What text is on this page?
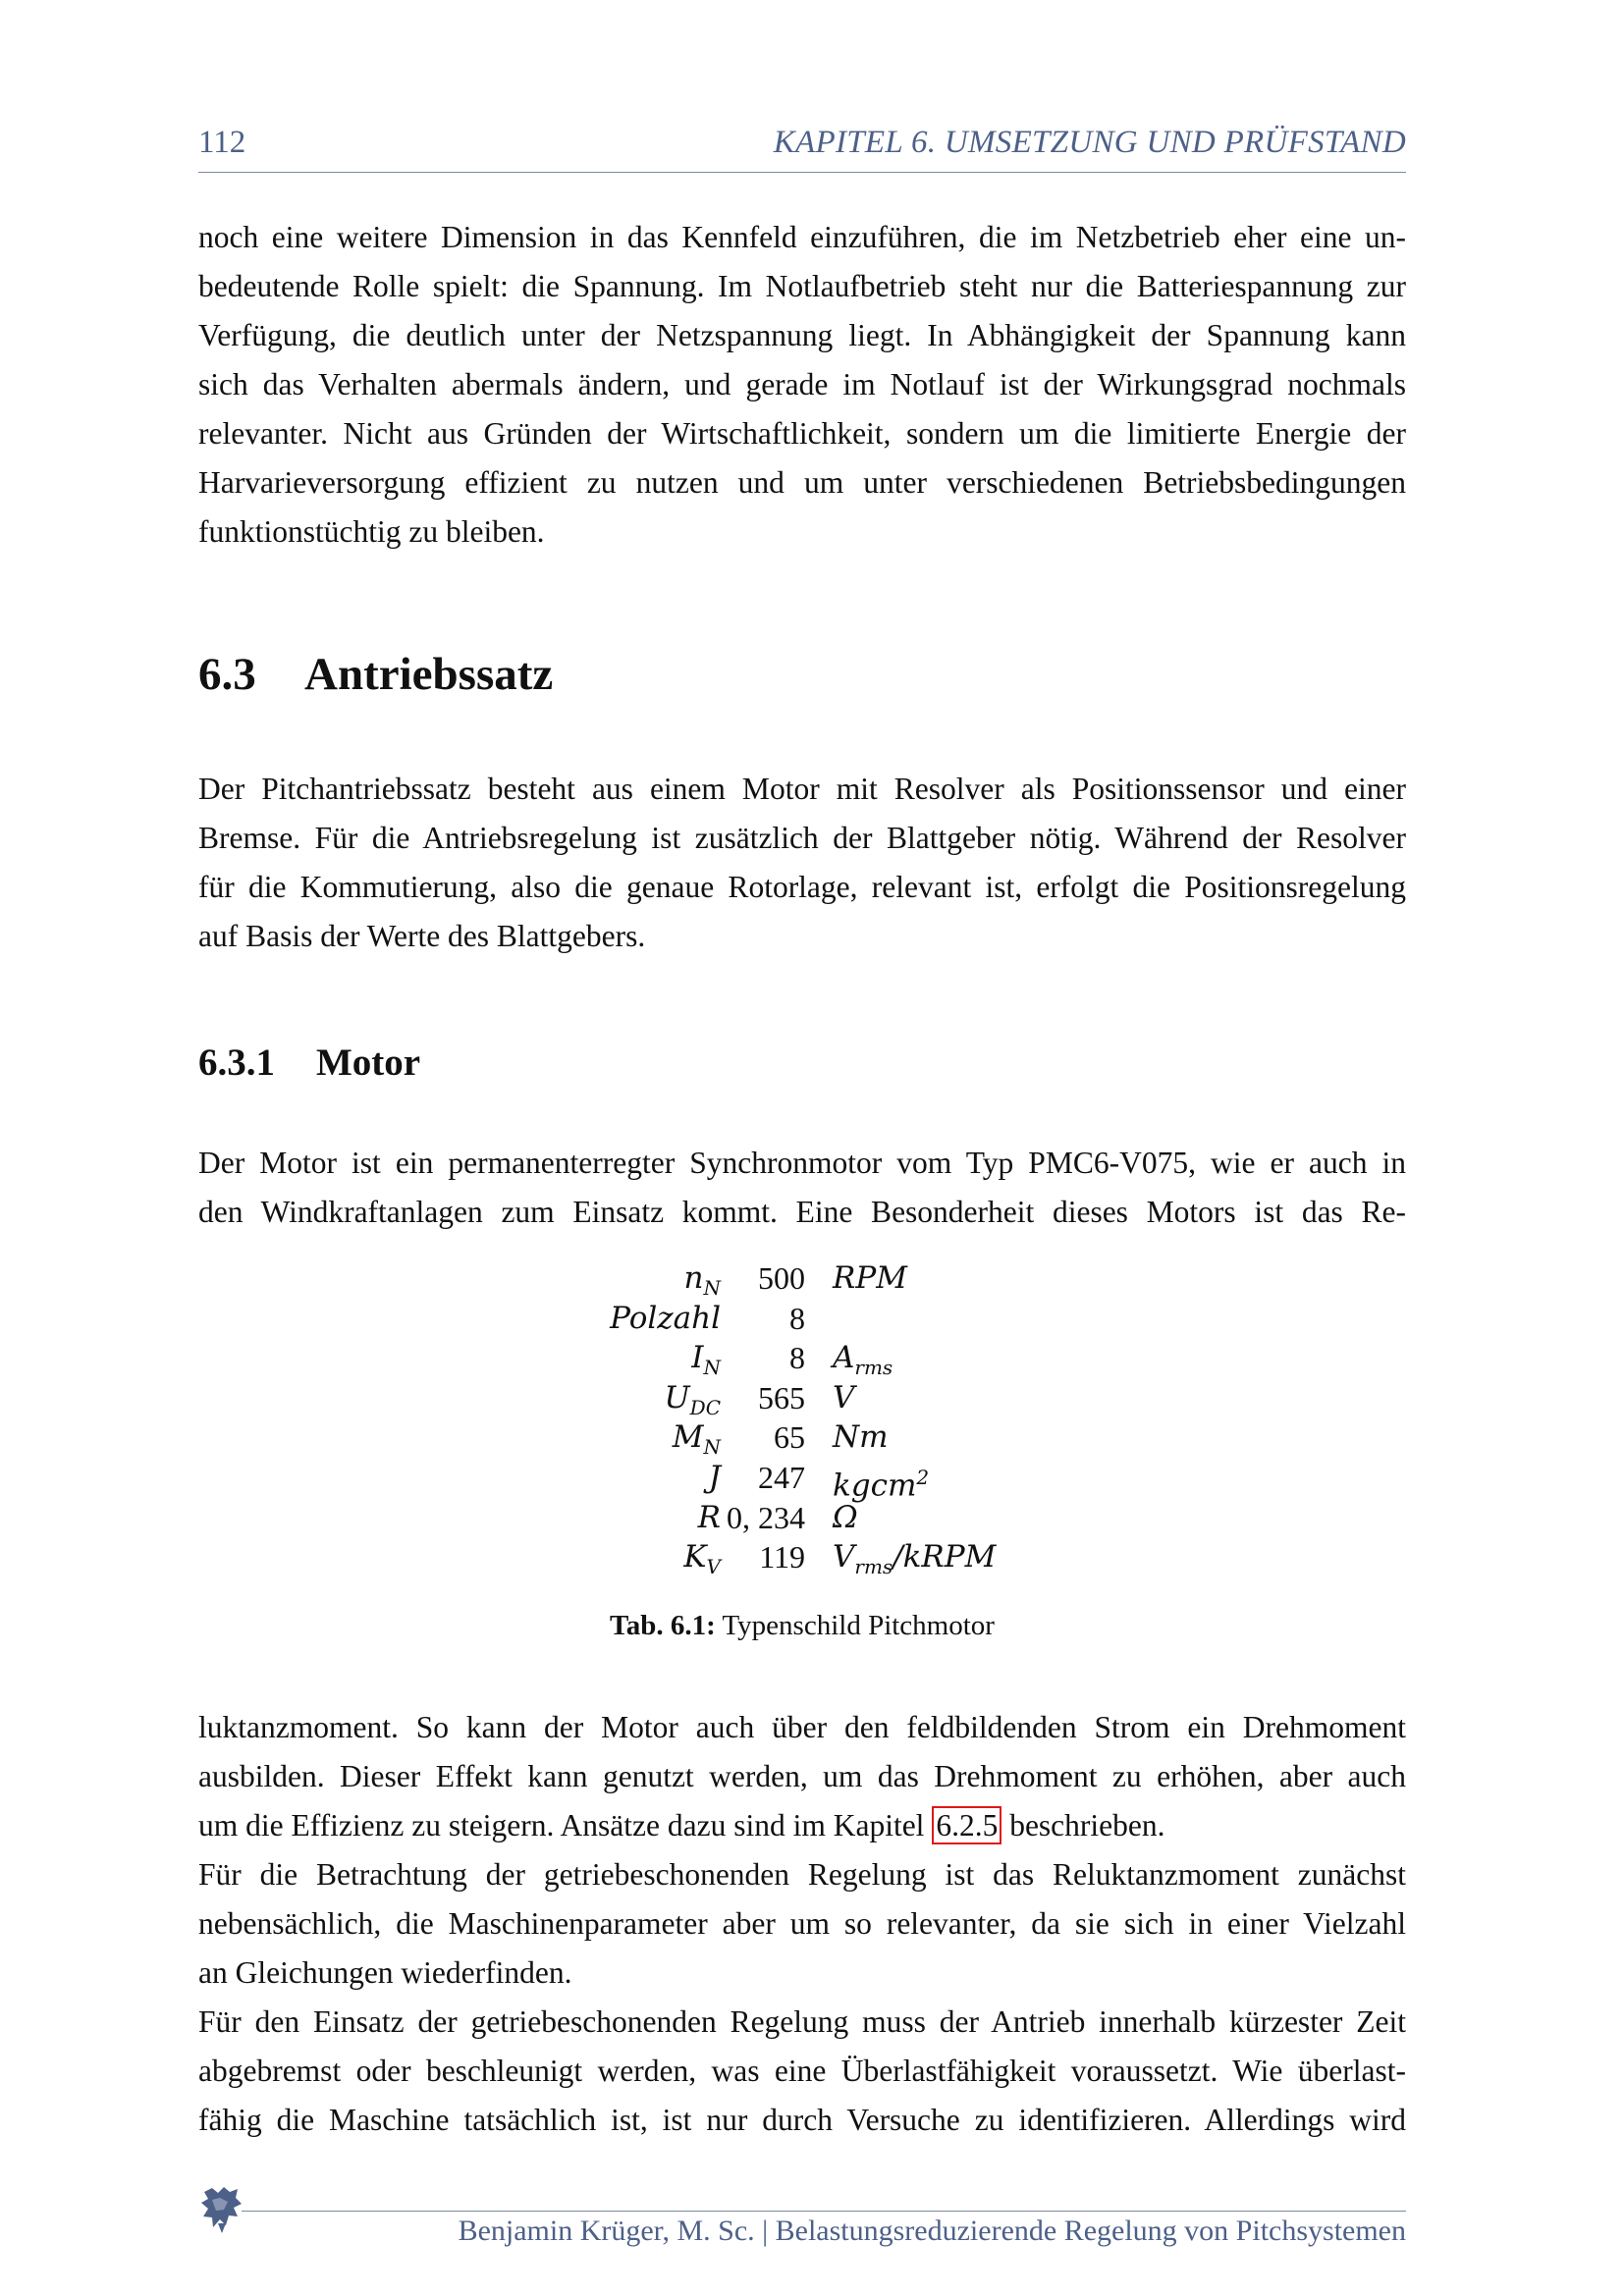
112	KAPITEL 6. UMSETZUNG UND PRÜFSTAND
noch eine weitere Dimension in das Kennfeld einzuführen, die im Netzbetrieb eher eine un-
bedeutende Rolle spielt: die Spannung. Im Notlaufbetrieb steht nur die Batteriespannung zur
Verfügung, die deutlich unter der Netzspannung liegt. In Abhängigkeit der Spannung kann
sich das Verhalten abermals ändern, und gerade im Notlauf ist der Wirkungsgrad nochmals
relevanter. Nicht aus Gründen der Wirtschaftlichkeit, sondern um die limitierte Energie der
Harvarieversorgung effizient zu nutzen und um unter verschiedenen Betriebsbedingungen
funktionstüchtig zu bleiben.
6.3 Antriebssatz
Der Pitchantriebssatz besteht aus einem Motor mit Resolver als Positionssensor und einer
Bremse. Für die Antriebsregelung ist zusätzlich der Blattgeber nötig. Während der Resolver
für die Kommutierung, also die genaue Rotorlage, relevant ist, erfolgt die Positionsregelung
auf Basis der Werte des Blattgebers.
6.3.1 Motor
Der Motor ist ein permanenterregter Synchronmotor vom Typ PMC6-V075, wie er auch in
den Windkraftanlagen zum Einsatz kommt. Eine Besonderheit dieses Motors ist das Re-
$n_N$ 500 RPM
Polzahl 8
$I_N$ 8 $A_{rms}$
$U_{DC}$ 565 V
$M_N$ 65 Nm
J 247 kgcm$^2$
R 0, 234 Ω
$K_V$ 119 $V_{rms}$/kRPM
Tab. 6.1: Typenschild Pitchmotor
luktanzmoment. So kann der Motor auch über den feldbildenden Strom ein Drehmoment
ausbilden. Dieser Effekt kann genutzt werden, um das Drehmoment zu erhöhen, aber auch
um die Effizienz zu steigern. Ansätze dazu sind im Kapitel 6.2.5 beschrieben.
Für die Betrachtung der getriebeschonenden Regelung ist das Reluktanzmoment zunächst
nebensächlich, die Maschinenparameter aber um so relevanter, da sie sich in einer Vielzahl
an Gleichungen wiederfinden.
Für den Einsatz der getriebeschonenden Regelung muss der Antrieb innerhalb kürzester Zeit
abgebremst oder beschleunigt werden, was eine Überlastfähigkeit voraussetzt. Wie überlast-
fähig die Maschine tatsächlich ist, ist nur durch Versuche zu identifizieren. Allerdings wird
Benjamin Krüger, M. Sc. | Belastungsreduzierende Regelung von Pitchsystemen
